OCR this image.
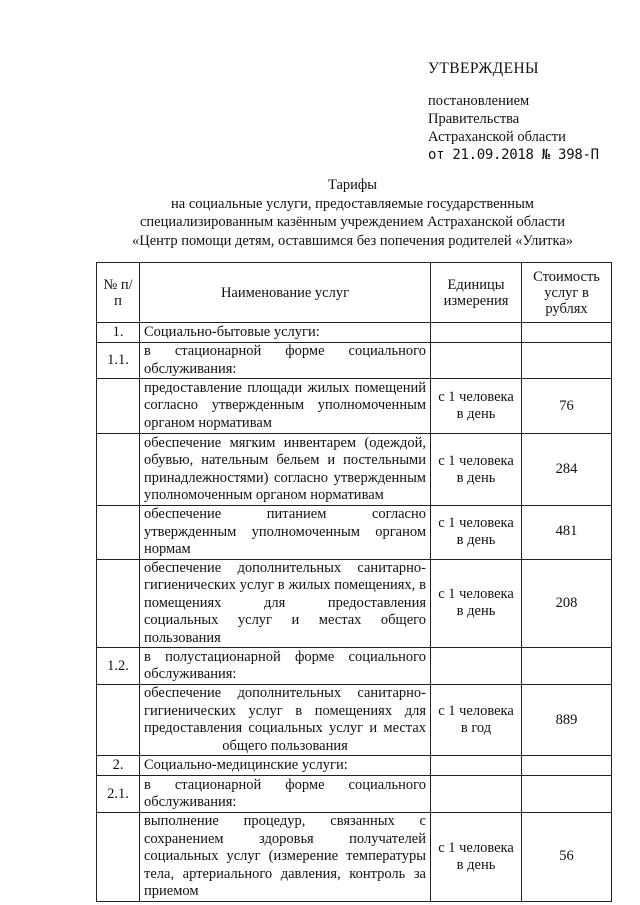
УТВЕРЖДЕНЫ
постановлением
Правительства
Астраханской области
от 21.09.2018 № 398-П
Тарифы
на социальные услуги, предоставляемые государственным
специализированным казённым учреждением Астраханской области
«Центр помощи детям, оставшимся без попечения родителей «Улитка»
№ п/п	Наименование услуг	Единицы измерения	Стоимость услуг в рублях
1.	Социально-бытовые услуги:		
1.1.	в стационарной форме социального обслуживания:		
	предоставление площади жилых помещений согласно утвержденным уполномоченным органом нормативам	с 1 человека в день	76
	обеспечение мягким инвентарем (одеждой, обувью, нательным бельем и постельными принадлежностями) согласно утвержденным уполномоченным органом нормативам	с 1 человека в день	284
	обеспечение питанием согласно утвержденным уполномоченным органом нормам	с 1 человека в день	481
	обеспечение дополнительных санитарно-гигиенических услуг в жилых помещениях, в помещениях для предоставления социальных услуг и местах общего пользования	с 1 человека в день	208
1.2.	в полустационарной форме социального обслуживания:		
	обеспечение дополнительных санитарно-гигиенических услуг в помещениях для предоставления социальных услуг и местах общего пользования	с 1 человека в год	889
2.	Социально-медицинские услуги:		
2.1.	в стационарной форме социального обслуживания:		
	выполнение процедур, связанных с сохранением здоровья получателей социальных услуг (измерение температуры тела, артериального давления, контроль за приемом	с 1 человека в день	56
